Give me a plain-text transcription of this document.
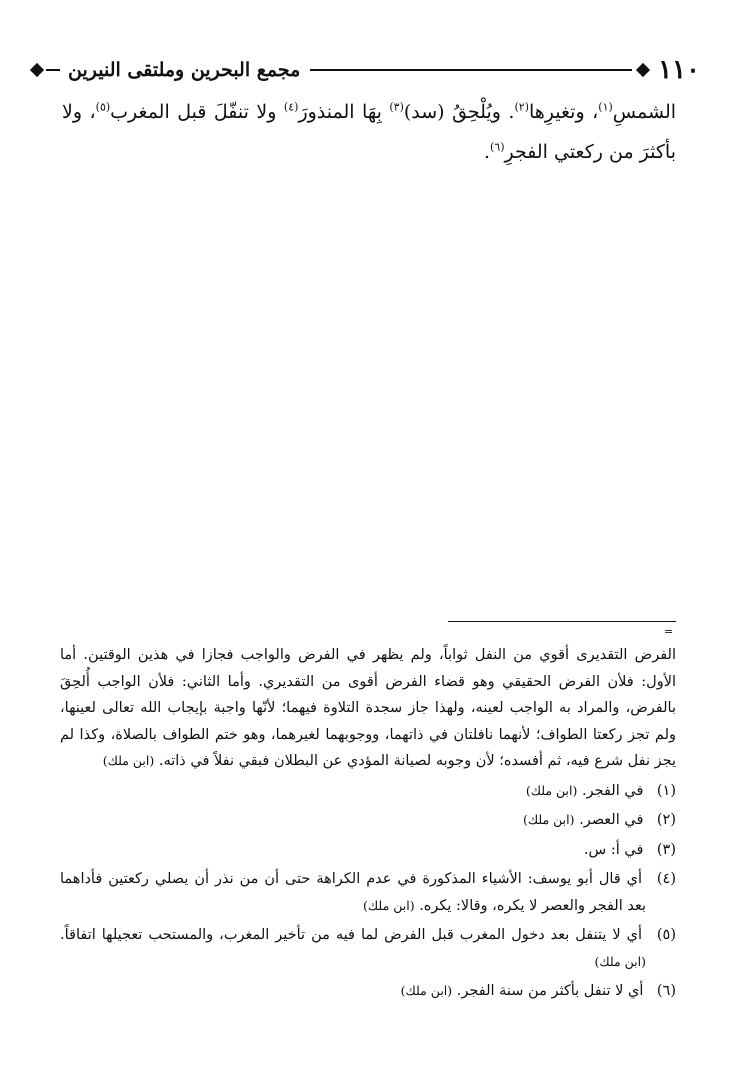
١١٠
مجمع البحرين وملتقى النيرين
الشمسِ$^{(١)}$، وتغيرِها$^{(٢)}$. ويُلْحِقُ (سد)$^{(٣)}$ بِهَا المنذورَ$^{(٤)}$ ولا تنفّلَ قبل المغرب$^{(٥)}$، ولا بأكثرَ من ركعتي الفجرِ$^{(٦)}$.
=
الفرض التقديرى أقوي من النفل ثواباً، ولم يظهر في الفرض والواجب فجازا في هذين الوقتين. أما الأول: فلأن الفرض الحقيقي وهو قضاء الفرض أقوى من التقديري. وأما الثاني: فلأن الواجب أُلحِقَ بالفرض، والمراد به الواجب لعينه، ولهذا جاز سجدة التلاوة فيهما؛ لأنّها واجبة بإيجاب الله تعالى لعينها، ولم تجز ركعتا الطواف؛ لأنهما نافلتان في ذاتهما، ووجوبهما لغيرهما، وهو ختم الطواف بالصلاة، وكذا لم يجز نفل شرع فيه، ثم أفسده؛ لأن وجوبه لصيانة المؤدي عن البطلان فبقي نفلاً في ذاته. (ابن ملك)
(١) في الفجر. (ابن ملك)
(٢) في العصر. (ابن ملك)
(٣) في أ: س.
(٤) أي قال أبو يوسف: الأشياء المذكورة في عدم الكراهة حتى أن من نذر أن يصلي ركعتين فأداهما بعد الفجر والعصر لا يكره، وقالا: يكره. (ابن ملك)
(٥) أي لا يتنفل بعد دخول المغرب قبل الفرض لما فيه من تأخير المغرب، والمستحب تعجيلها اتفاقاً. (ابن ملك)
(٦) أي لا تنفل بأكثر من سنة الفجر. (ابن ملك)
